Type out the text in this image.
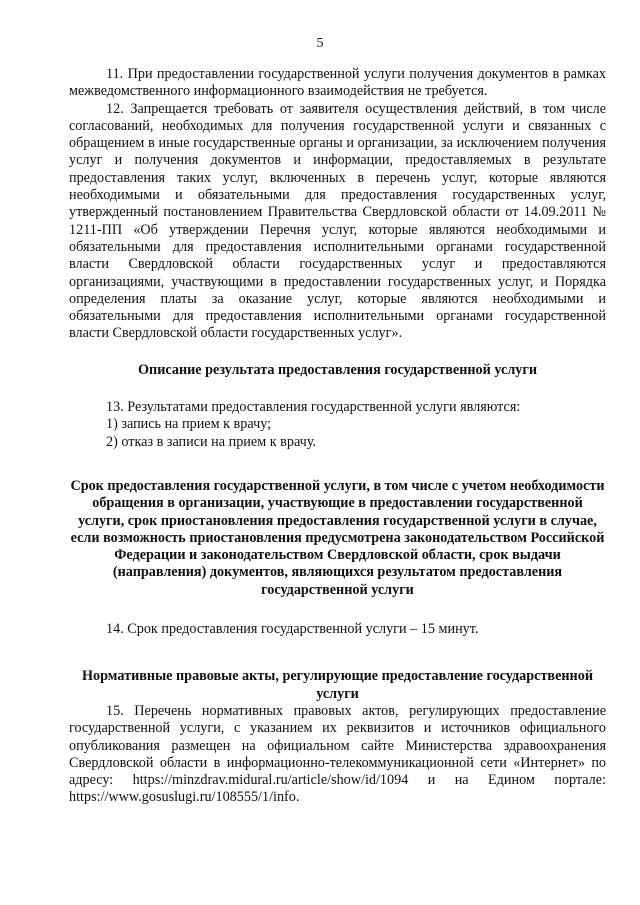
5

11. При предоставлении государственной услуги получения документов в рамках межведомственного информационного взаимодействия не требуется.

12. Запрещается требовать от заявителя осуществления действий, в том числе согласований, необходимых для получения государственной услуги и связанных с обращением в иные государственные органы и организации, за исключением получения услуг и получения документов и информации, предоставляемых в результате предоставления таких услуг, включенных в перечень услуг, которые являются необходимыми и обязательными для предоставления государственных услуг, утвержденный постановлением Правительства Свердловской области от 14.09.2011 № 1211-ПП «Об утверждении Перечня услуг, которые являются необходимыми и обязательными для предоставления исполнительными органами государственной власти Свердловской области государственных услуг и предоставляются организациями, участвующими в предоставлении государственных услуг, и Порядка определения платы за оказание услуг, которые являются необходимыми и обязательными для предоставления исполнительными органами государственной власти Свердловской области государственных услуг».

Описание результата предоставления государственной услуги

13. Результатами предоставления государственной услуги являются:

1) запись на прием к врачу;

2) отказ в записи на прием к врачу.

Срок предоставления государственной услуги, в том числе с учетом необходимости обращения в организации, участвующие в предоставлении государственной услуги, срок приостановления предоставления государственной услуги в случае, если возможность приостановления предусмотрена законодательством Российской Федерации и законодательством Свердловской области, срок выдачи (направления) документов, являющихся результатом предоставления государственной услуги

14. Срок предоставления государственной услуги – 15 минут.

Нормативные правовые акты, регулирующие предоставление государственной услуги

15. Перечень нормативных правовых актов, регулирующих предоставление государственной услуги, с указанием их реквизитов и источников официального опубликования размещен на официальном сайте Министерства здравоохранения Свердловской области в информационно-телекоммуникационной сети «Интернет» по адресу: https://minzdrav.midural.ru/article/show/id/1094 и на Едином портале: https://www.gosuslugi.ru/108555/1/info.
